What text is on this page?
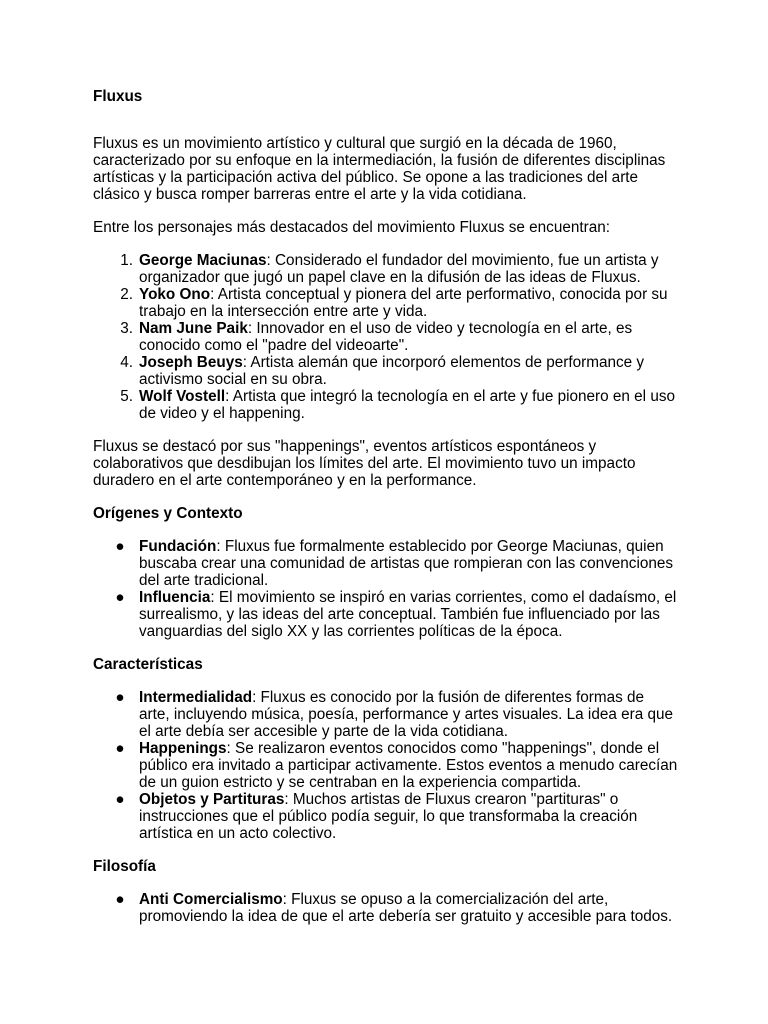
Fluxus

Fluxus es un movimiento artístico y cultural que surgió en la década de 1960, caracterizado por su enfoque en la intermediación, la fusión de diferentes disciplinas artísticas y la participación activa del público. Se opone a las tradiciones del arte clásico y busca romper barreras entre el arte y la vida cotidiana.

Entre los personajes más destacados del movimiento Fluxus se encuentran:

1. George Maciunas: Considerado el fundador del movimiento, fue un artista y organizador que jugó un papel clave en la difusión de las ideas de Fluxus.
2. Yoko Ono: Artista conceptual y pionera del arte performativo, conocida por su trabajo en la intersección entre arte y vida.
3. Nam June Paik: Innovador en el uso de video y tecnología en el arte, es conocido como el "padre del videoarte".
4. Joseph Beuys: Artista alemán que incorporó elementos de performance y activismo social en su obra.
5. Wolf Vostell: Artista que integró la tecnología en el arte y fue pionero en el uso de video y el happening.

Fluxus se destacó por sus "happenings", eventos artísticos espontáneos y colaborativos que desdibujan los límites del arte. El movimiento tuvo un impacto duradero en el arte contemporáneo y en la performance.

Orígenes y Contexto
● Fundación: Fluxus fue formalmente establecido por George Maciunas, quien buscaba crear una comunidad de artistas que rompieran con las convenciones del arte tradicional.
● Influencia: El movimiento se inspiró en varias corrientes, como el dadaísmo, el surrealismo, y las ideas del arte conceptual. También fue influenciado por las vanguardias del siglo XX y las corrientes políticas de la época.
Características
● Intermedialidad: Fluxus es conocido por la fusión de diferentes formas de arte, incluyendo música, poesía, performance y artes visuales. La idea era que el arte debía ser accesible y parte de la vida cotidiana.
● Happenings: Se realizaron eventos conocidos como "happenings", donde el público era invitado a participar activamente. Estos eventos a menudo carecían de un guion estricto y se centraban en la experiencia compartida.
● Objetos y Partituras: Muchos artistas de Fluxus crearon "partituras" o instrucciones que el público podía seguir, lo que transformaba la creación artística en un acto colectivo.
Filosofía
● Anti Comercialismo: Fluxus se opuso a la comercialización del arte, promoviendo la idea de que el arte debería ser gratuito y accesible para todos.
